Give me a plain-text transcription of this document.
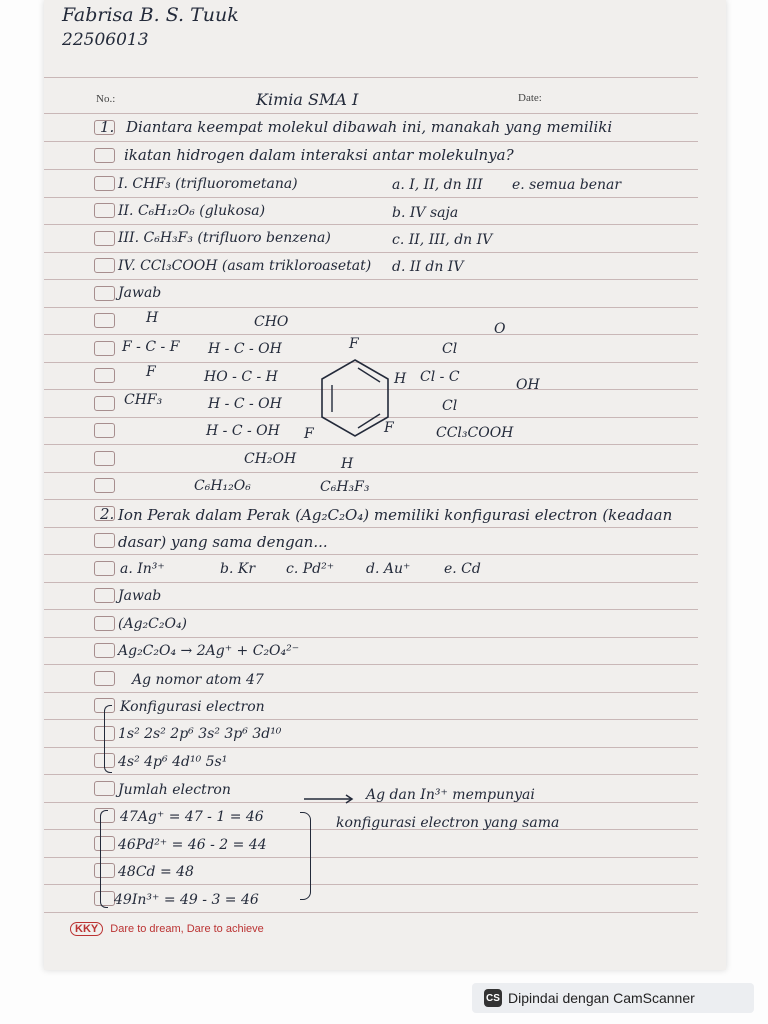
Fabrisa B. S. Tuuk
22506013
No.:	Date:
Kimia SMA I
1. Diantara keempat molekul dibawah ini, manakah yang memiliki
ikatan hidrogen dalam interaksi antar molekulnya?
I. CHF₃ (trifluorometana)
II. C₆H₁₂O₆ (glukosa)
III. C₆H₃F₃ (trifluoro benzena)
IV. CCl₃COOH (asam trikloroasetat)
a. I, II, dn III
b. IV saja
c. II, III, dn IV
d. II dn IV
e. semua benar
Jawab
H
F - C - F
F
CHF₃
CHO
H - C - OH
HO - C - H
H - C - OH
H - C - OH
CH₂OH
C₆H₁₂O₆
F
H
F	F
H
C₆H₃F₃
O
Cl
Cl - C	OH
Cl
CCl₃COOH
2. Ion Perak dalam Perak (Ag₂C₂O₄) memiliki konfigurasi electron (keadaan
dasar) yang sama dengan...
a. In³⁺	b. Kr c. Pd²⁺ d. Au⁺ e. Cd
Jawab
(Ag₂C₂O₄)
Ag₂C₂O₄ → 2Ag⁺ + C₂O₄²⁻
Ag nomor atom 47
Konfigurasi electron
1s² 2s² 2p⁶ 3s² 3p⁶ 3d¹⁰
4s² 4p⁶ 4d¹⁰ 5s¹
Jumlah electron
47Ag⁺ = 47 - 1 = 46
46Pd²⁺ = 46 - 2 = 44
48Cd = 48
49In³⁺ = 49 - 3 = 46
Ag dan In³⁺ mempunyai
konfigurasi electron yang sama
KKY Dare to dream, Dare to achieve
CS Dipindai dengan CamScanner
